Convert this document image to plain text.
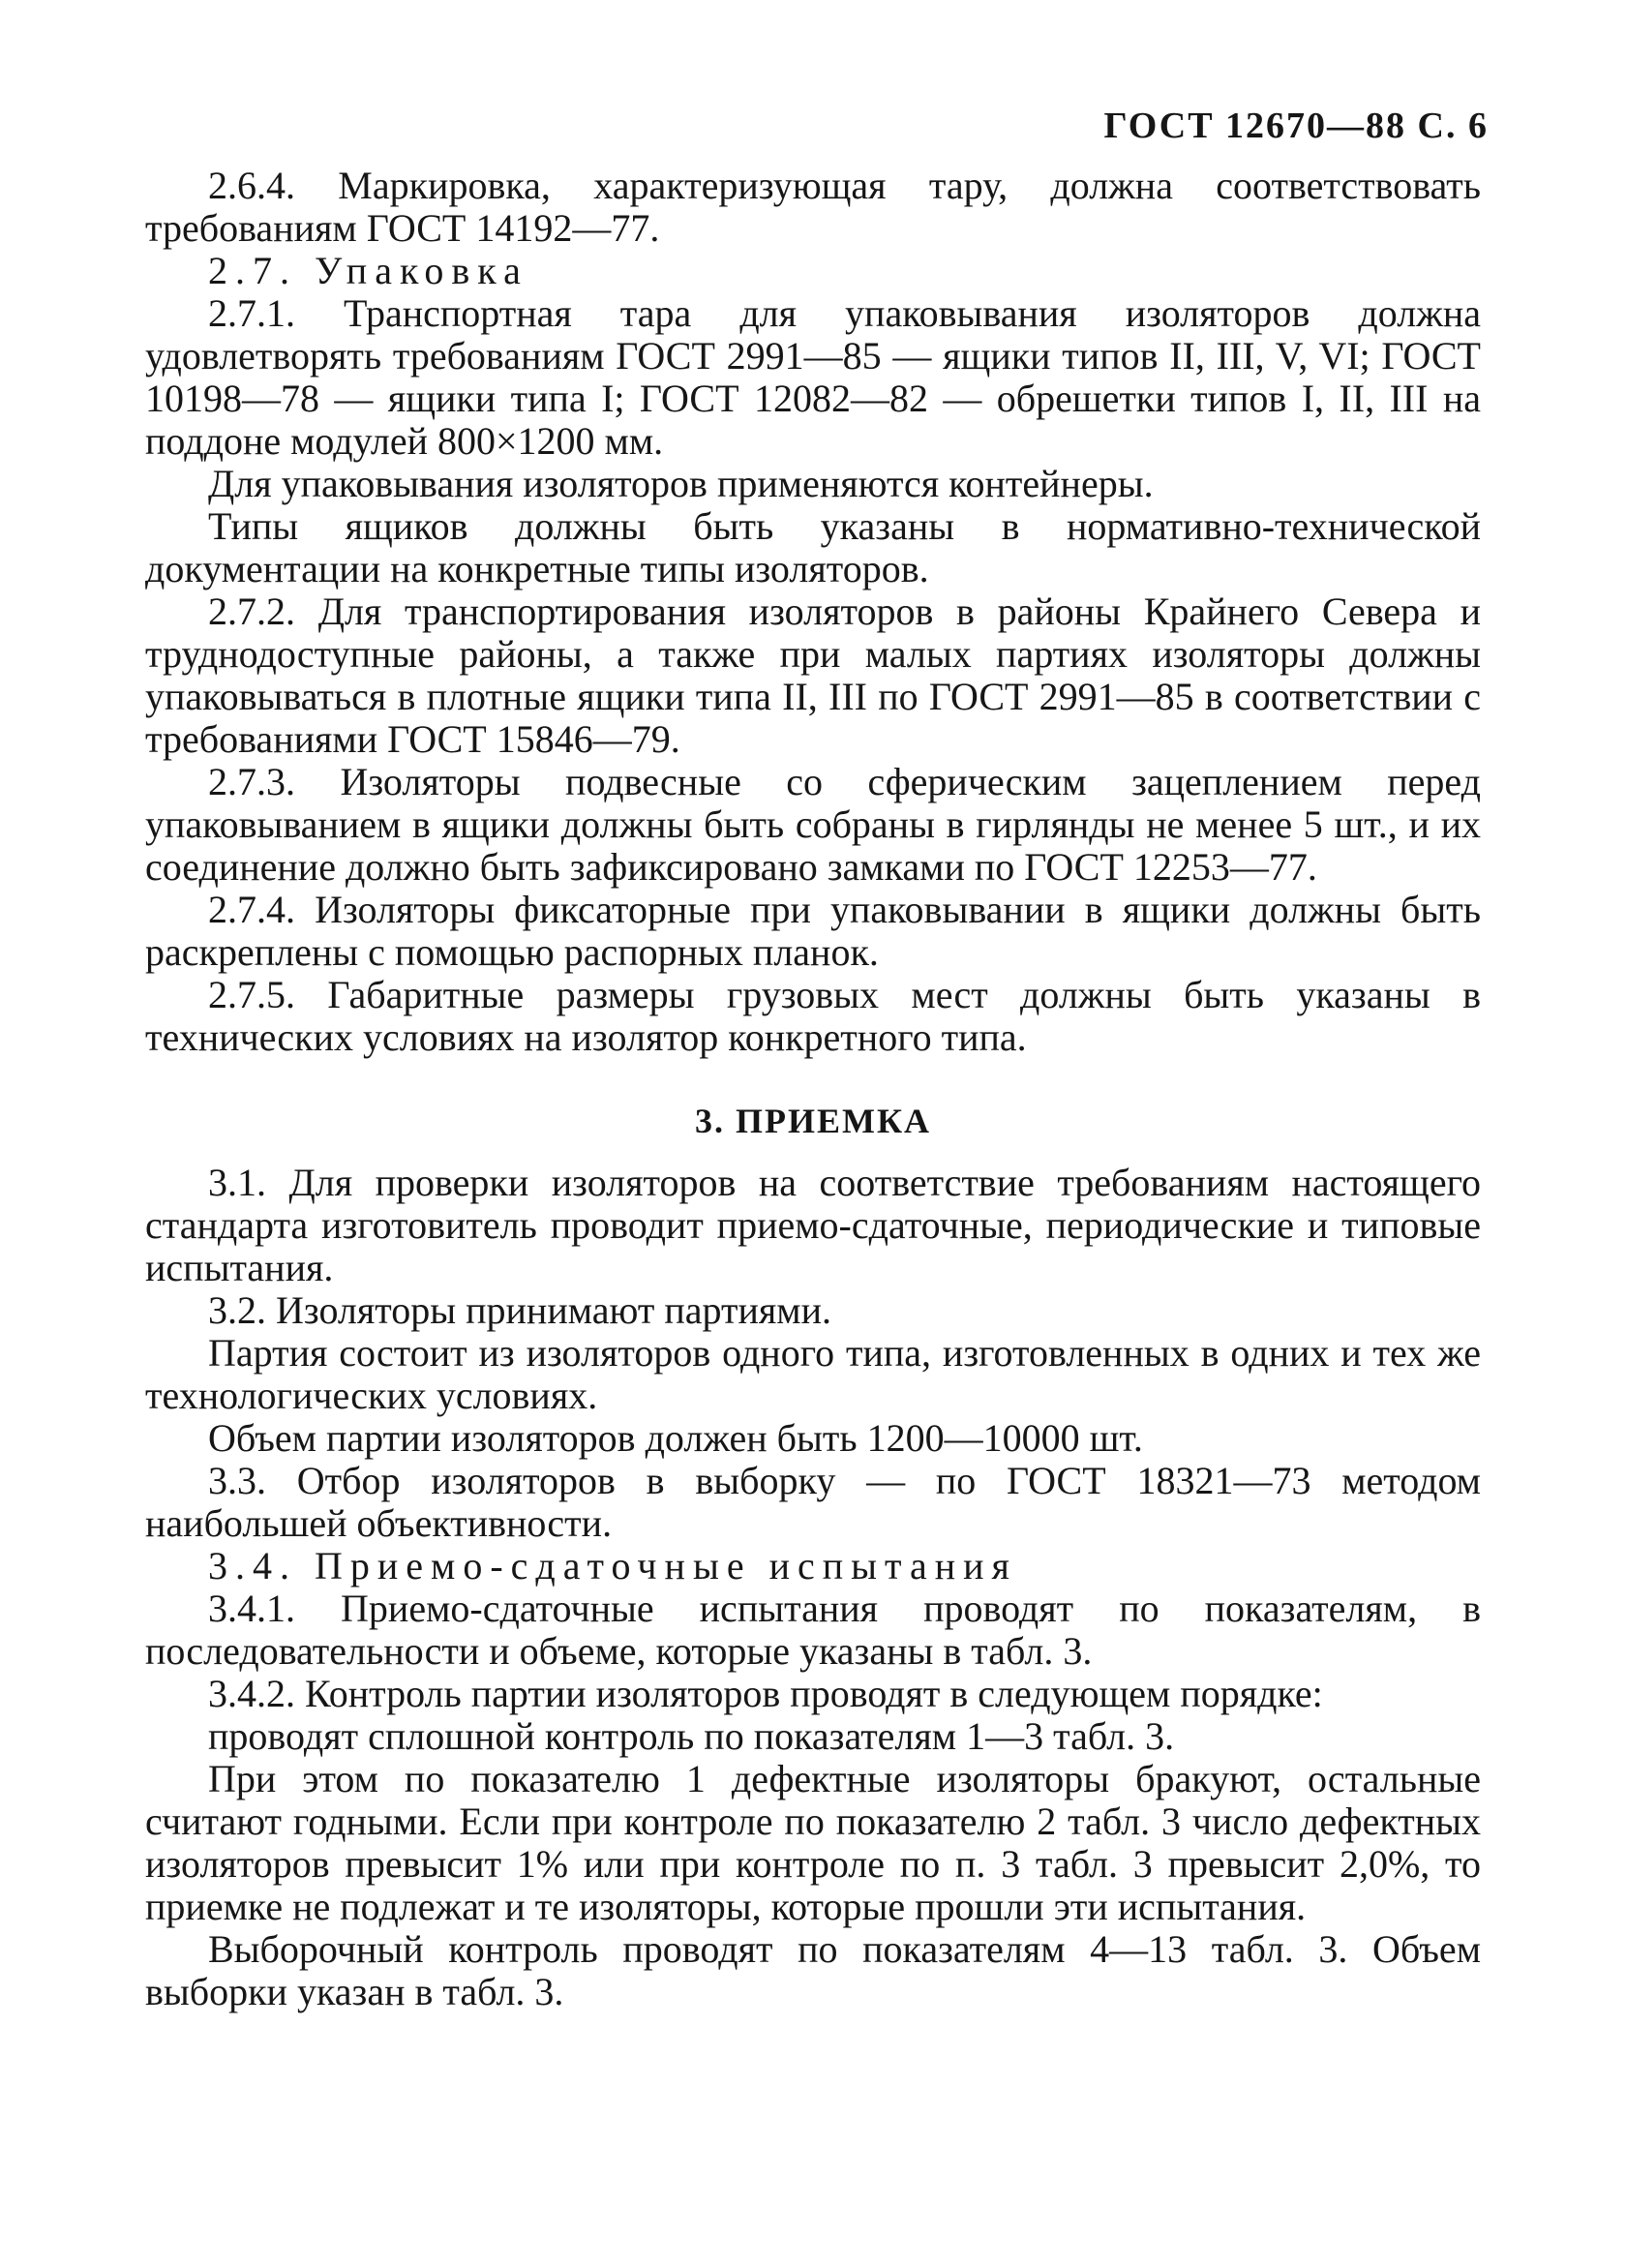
ГОСТ 12670—88 С. 6

2.6.4. Маркировка, характеризующая тару, должна соответствовать требованиям ГОСТ 14192—77.

2.7. Упаковка

2.7.1. Транспортная тара для упаковывания изоляторов должна удовлетворять требованиям ГОСТ 2991—85 — ящики типов II, III, V, VI; ГОСТ 10198—78 — ящики типа I; ГОСТ 12082—82 — обрешетки типов I, II, III на поддоне модулей 800×1200 мм.

Для упаковывания изоляторов применяются контейнеры.

Типы ящиков должны быть указаны в нормативно-технической документации на конкретные типы изоляторов.

2.7.2. Для транспортирования изоляторов в районы Крайнего Севера и труднодоступные районы, а также при малых партиях изоляторы должны упаковываться в плотные ящики типа II, III по ГОСТ 2991—85 в соответствии с требованиями ГОСТ 15846—79.

2.7.3. Изоляторы подвесные со сферическим зацеплением перед упаковыванием в ящики должны быть собраны в гирлянды не менее 5 шт., и их соединение должно быть зафиксировано замками по ГОСТ 12253—77.

2.7.4. Изоляторы фиксаторные при упаковывании в ящики должны быть раскреплены с помощью распорных планок.

2.7.5. Габаритные размеры грузовых мест должны быть указаны в технических условиях на изолятор конкретного типа.

3. ПРИЕМКА

3.1. Для проверки изоляторов на соответствие требованиям настоящего стандарта изготовитель проводит приемо-сдаточные, периодические и типовые испытания.

3.2. Изоляторы принимают партиями.

Партия состоит из изоляторов одного типа, изготовленных в одних и тех же технологических условиях.

Объем партии изоляторов должен быть 1200—10000 шт.

3.3. Отбор изоляторов в выборку — по ГОСТ 18321—73 методом наибольшей объективности.

3.4. Приемо-сдаточные испытания

3.4.1. Приемо-сдаточные испытания проводят по показателям, в последовательности и объеме, которые указаны в табл. 3.

3.4.2. Контроль партии изоляторов проводят в следующем порядке:

проводят сплошной контроль по показателям 1—3 табл. 3.

При этом по показателю 1 дефектные изоляторы бракуют, остальные считают годными. Если при контроле по показателю 2 табл. 3 число дефектных изоляторов превысит 1% или при контроле по п. 3 табл. 3 превысит 2,0%, то приемке не подлежат и те изоляторы, которые прошли эти испытания.

Выборочный контроль проводят по показателям 4—13 табл. 3. Объем выборки указан в табл. 3.
